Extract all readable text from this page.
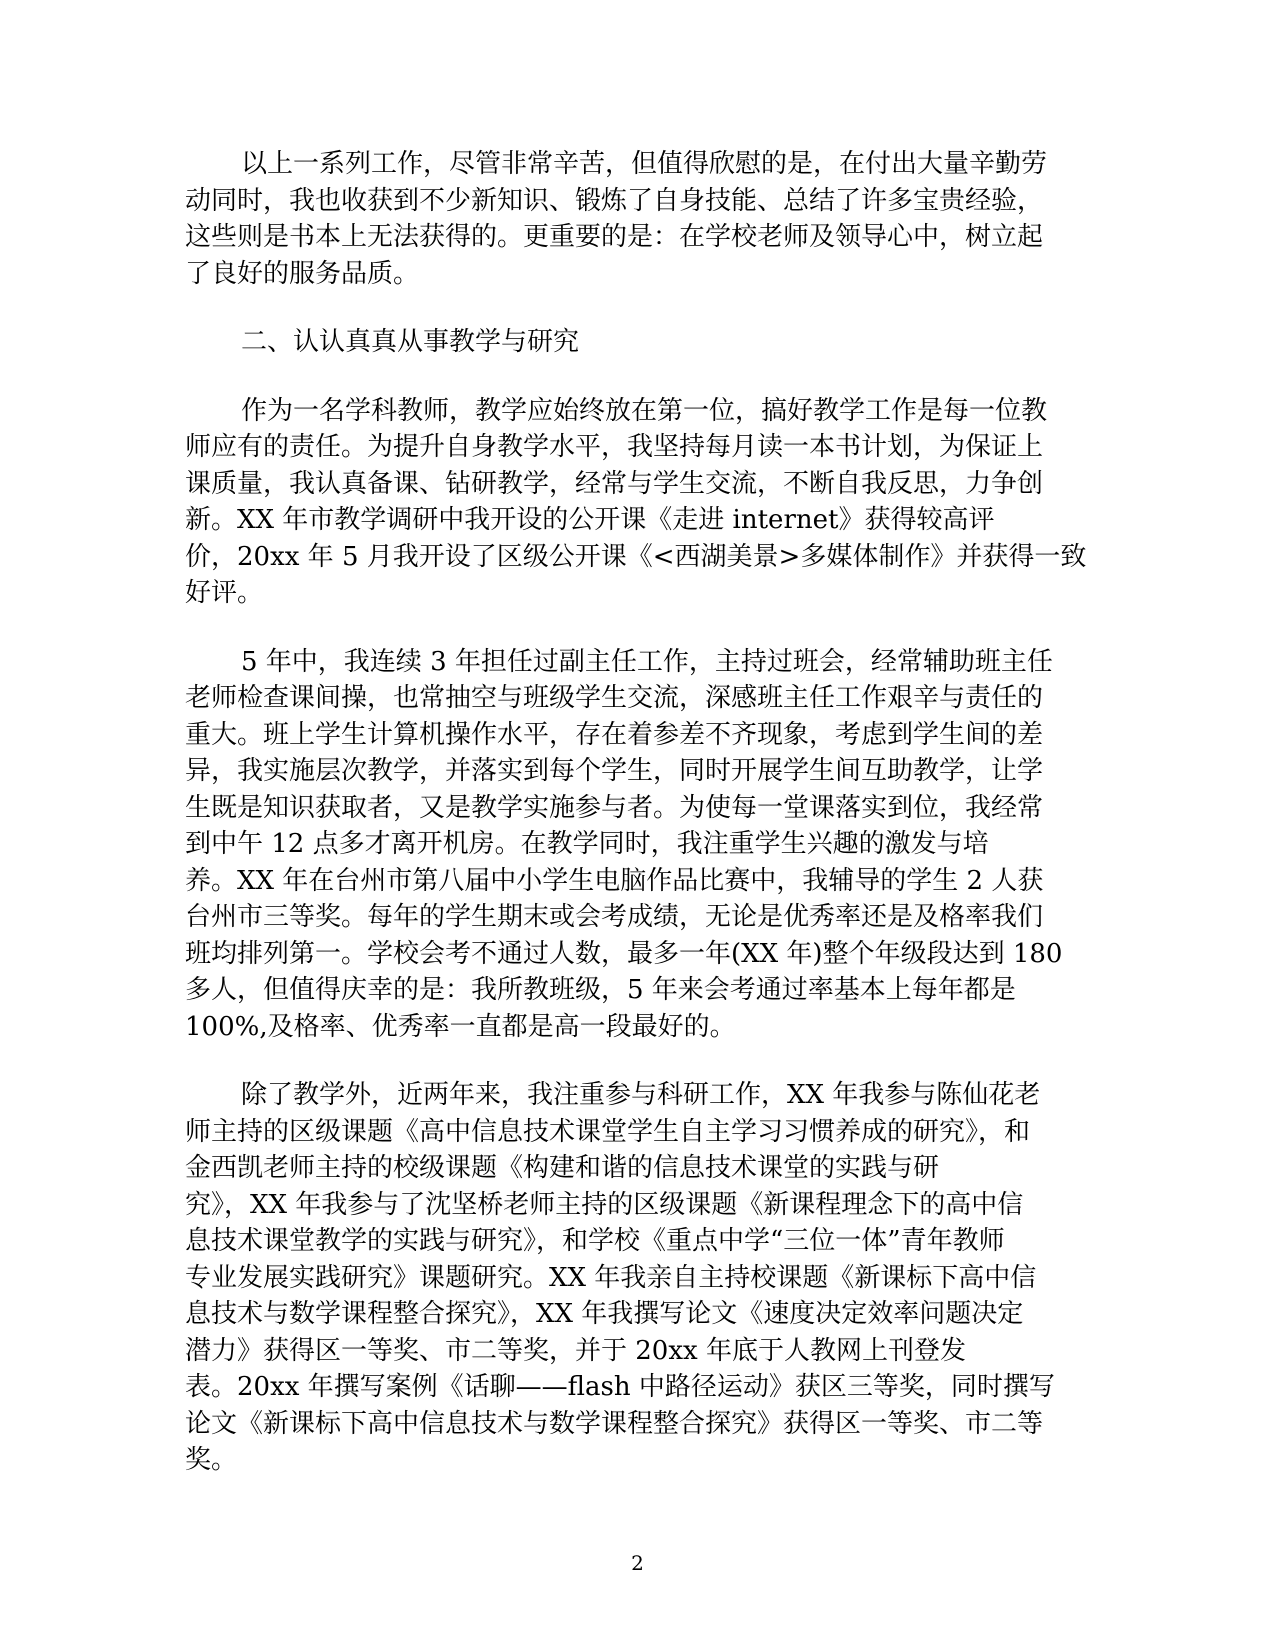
以上一系列工作，尽管非常辛苦，但值得欣慰的是，在付出大量辛勤劳
动同时，我也收获到不少新知识、锻炼了自身技能、总结了许多宝贵经验，
这些则是书本上无法获得的。更重要的是：在学校老师及领导心中，树立起
了良好的服务品质。
二、认认真真从事教学与研究
作为一名学科教师，教学应始终放在第一位，搞好教学工作是每一位教
师应有的责任。为提升自身教学水平，我坚持每月读一本书计划，为保证上
课质量，我认真备课、钻研教学，经常与学生交流，不断自我反思，力争创
新。XX 年市教学调研中我开设的公开课《走进 internet》获得较高评
价，20xx 年 5 月我开设了区级公开课《<西湖美景>多媒体制作》并获得一致
好评。
5 年中，我连续 3 年担任过副主任工作，主持过班会，经常辅助班主任
老师检查课间操，也常抽空与班级学生交流，深感班主任工作艰辛与责任的
重大。班上学生计算机操作水平，存在着参差不齐现象，考虑到学生间的差
异，我实施层次教学，并落实到每个学生，同时开展学生间互助教学，让学
生既是知识获取者，又是教学实施参与者。为使每一堂课落实到位，我经常
到中午 12 点多才离开机房。在教学同时，我注重学生兴趣的激发与培
养。XX 年在台州市第八届中小学生电脑作品比赛中，我辅导的学生 2 人获
台州市三等奖。每年的学生期末或会考成绩，无论是优秀率还是及格率我们
班均排列第一。学校会考不通过人数，最多一年(XX 年)整个年级段达到 180
多人，但值得庆幸的是：我所教班级，5 年来会考通过率基本上每年都是
100%,及格率、优秀率一直都是高一段最好的。
除了教学外，近两年来，我注重参与科研工作，XX 年我参与陈仙花老
师主持的区级课题《高中信息技术课堂学生自主学习习惯养成的研究》，和
金西凯老师主持的校级课题《构建和谐的信息技术课堂的实践与研
究》，XX 年我参与了沈坚桥老师主持的区级课题《新课程理念下的高中信
息技术课堂教学的实践与研究》，和学校《重点中学“三位一体”青年教师
专业发展实践研究》课题研究。XX 年我亲自主持校课题《新课标下高中信
息技术与数学课程整合探究》，XX 年我撰写论文《速度决定效率问题决定
潜力》获得区一等奖、市二等奖，并于 20xx 年底于人教网上刊登发
表。20xx 年撰写案例《话聊——flash 中路径运动》获区三等奖，同时撰写
论文《新课标下高中信息技术与数学课程整合探究》获得区一等奖、市二等
奖。
2
